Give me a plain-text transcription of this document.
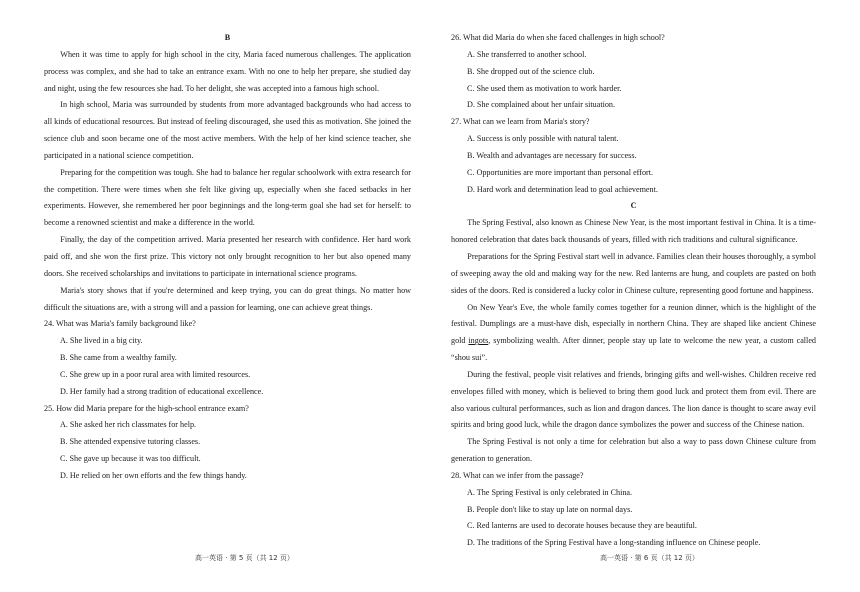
B
When it was time to apply for high school in the city, Maria faced numerous challenges. The application process was complex, and she had to take an entrance exam. With no one to help her prepare, she studied day and night, using the few resources she had. To her delight, she was accepted into a famous high school.
In high school, Maria was surrounded by students from more advantaged backgrounds who had access to all kinds of educational resources. But instead of feeling discouraged, she used this as motivation. She joined the science club and soon became one of the most active members. With the help of her kind science teacher, she participated in a national science competition.
Preparing for the competition was tough. She had to balance her regular schoolwork with extra research for the competition. There were times when she felt like giving up, especially when she faced setbacks in her experiments. However, she remembered her poor beginnings and the long-term goal she had set for herself: to become a renowned scientist and make a difference in the world.
Finally, the day of the competition arrived. Maria presented her research with confidence. Her hard work paid off, and she won the first prize. This victory not only brought recognition to her but also opened many doors. She received scholarships and invitations to participate in international science programs.
Maria's story shows that if you're determined and keep trying, you can do great things. No matter how difficult the situations are, with a strong will and a passion for learning, one can achieve great things.
24. What was Maria's family background like?
A. She lived in a big city.
B. She came from a wealthy family.
C. She grew up in a poor rural area with limited resources.
D. Her family had a strong tradition of educational excellence.
25. How did Maria prepare for the high-school entrance exam?
A. She asked her rich classmates for help.
B. She attended expensive tutoring classes.
C. She gave up because it was too difficult.
D. He relied on her own efforts and the few things handy.
26. What did Maria do when she faced challenges in high school?
A. She transferred to another school.
B. She dropped out of the science club.
C. She used them as motivation to work harder.
D. She complained about her unfair situation.
27. What can we learn from Maria's story?
A. Success is only possible with natural talent.
B. Wealth and advantages are necessary for success.
C. Opportunities are more important than personal effort.
D. Hard work and determination lead to goal achievement.
C
The Spring Festival, also known as Chinese New Year, is the most important festival in China. It is a time-honored celebration that dates back thousands of years, filled with rich traditions and cultural significance.
Preparations for the Spring Festival start well in advance. Families clean their houses thoroughly, a symbol of sweeping away the old and making way for the new. Red lanterns are hung, and couplets are pasted on both sides of the doors. Red is considered a lucky color in Chinese culture, representing good fortune and happiness.
On New Year's Eve, the whole family comes together for a reunion dinner, which is the highlight of the festival. Dumplings are a must-have dish, especially in northern China. They are shaped like ancient Chinese gold ingots, symbolizing wealth. After dinner, people stay up late to welcome the new year, a custom called “shou sui”.
During the festival, people visit relatives and friends, bringing gifts and well-wishes. Children receive red envelopes filled with money, which is believed to bring them good luck and protect them from evil. There are also various cultural performances, such as lion and dragon dances. The lion dance is thought to scare away evil spirits and bring good luck, while the dragon dance symbolizes the power and success of the Chinese nation.
The Spring Festival is not only a time for celebration but also a way to pass down Chinese culture from generation to generation.
28. What can we infer from the passage?
A. The Spring Festival is only celebrated in China.
B. People don't like to stay up late on normal days.
C. Red lanterns are used to decorate houses because they are beautiful.
D. The traditions of the Spring Festival have a long-standing influence on Chinese people.
高一英语 · 第 5 页（共 12 页）	高一英语 · 第 6 页（共 12 页）
